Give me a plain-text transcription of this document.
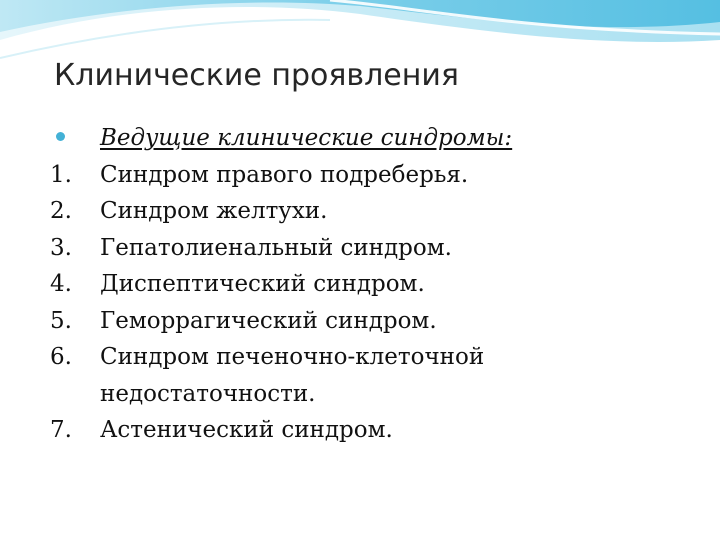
Клинические проявления
Ведущие клинические синдромы:
1.	Синдром правого подреберья.
2.	Синдром желтухи.
3.	Гепатолиенальный синдром.
4.	Диспептический синдром.
5.	Геморрагический синдром.
6.	Синдром печеночно-клеточной недостаточности.
7.	Астенический синдром.
